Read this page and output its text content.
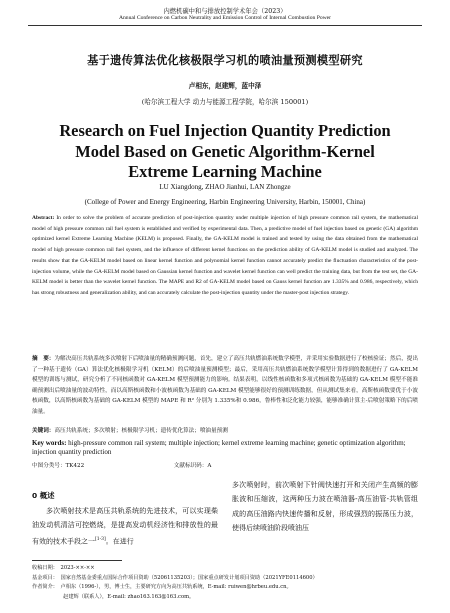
内燃机碳中和与排放控制学术年会（2023）
Annual Conference on Carbon Neutrality and Emission Control of Internal Combustion Power
基于遗传算法优化核极限学习机的喷油量预测模型研究
卢相东，赵建辉，蓝中泽
(哈尔滨工程大学 动力与能源工程学院，哈尔滨 150001)
Research on Fuel Injection Quantity Prediction
Model Based on Genetic Algorithm-Kernel
Extreme Learning Machine
LU Xiangdong, ZHAO Jianhui, LAN Zhongze
(College of Power and Energy Engineering, Harbin Engineering University, Harbin, 150001, China)
Abstract: In order to solve the problem of accurate prediction of post-injection quantity under multiple injection of high pressure common rail system, the mathematical model of high pressure common rail fuel system is established and verified by experimental data. Then, a predictive model of fuel injection based on genetic (GA) algorithm optimized kernel Extreme Learning Machine (KELM) is proposed. Finally, the GA-KELM model is trained and tested by using the data obtained from the mathematical model of high pressure common rail fuel system, and the influence of different kernel functions on the prediction ability of GA-KELM model is studied and analyzed. The results show that the GA-KELM model based on linear kernel function and polynomial kernel function cannot accurately predict the fluctuation characteristics of the post-injection volume, while the GA-KELM model based on Gaussian kernel function and wavelet kernel function can well predict the training data, but from the test set, the GA-KELM model is better than the wavelet kernel function. The MAPE and R2 of GA-KELM model based on Gauss kernel function are 1.335% and 0.986, respectively, which has strong robustness and generalization ability, and can accurately calculate the post-injection quantity under the master-post injection strategy.
摘　要：为解决高压共轨系统多次喷射下后喷油量的精确预测问题，首先，建立了高压共轨燃油系统数学模型，并采用实验数据进行了校核验证；然后，提出了一种基于遗传（GA）算法优化核极限学习机（KELM）的后喷油量预测模型；最后，采用高压共轨燃油系统数学模型计算得到的数据进行了 GA-KELM 模型的训练与测试，研究分析了不同核函数对 GA-KELM 模型预测能力的影响。结果表明，以线性核函数和多项式核函数为基础的 GA-KELM 模型不能准确预测出后喷油量的波动特性，而以高斯核函数和小波核函数为基础的 GA-KELM 模型能够很好的预测训练数据，但从测试集来看，高斯核函数要优于小波核函数，以高斯核函数为基础的 GA-KELM 模型的 MAPE 和 R² 分别为 1.335%和 0.986，鲁棒性和泛化能力较强，能够准确计算主-后喷射策略下的后喷油量。
关键词：高压共轨系统；多次喷射；核极限学习机；遗传优化算法；喷油量预测
Key words: high-pressure common rail system; multiple injection; kernel extreme learning machine; genetic optimization algorithm; injection quantity prediction
中图分类号：TK422	文献标识码：A
0 概述
多次喷射技术是高压共轨系统的先进技术，可以实现柴油发动机清洁可控燃烧，是提高发动机经济性和排放性的最有效的技术手段之一[1-3]。在进行
多次喷射时，前次喷射下针阀快速打开和关闭产生高频的膨胀波和压缩波，这两种压力波在喷油器-高压油管-共轨管组成的高压油路内快速传播和反射，形成强烈的振荡压力波，使得后续喷油阶段喷油压
收稿日期：　2023-××-××
基金项目：　国家自然基金委重点国际合作项目资助（52061135203）；国家重点研发计划项目资助（2021YFE0114600）
作者简介：　卢相东（1996-），男，博士生，主要研究方向为高压共轨系统，E-mail: ruiwen@hrbeu.edu.cn。
　　　　　　赵建辉（联系人），E-mail: zhao163.163@163.com。
